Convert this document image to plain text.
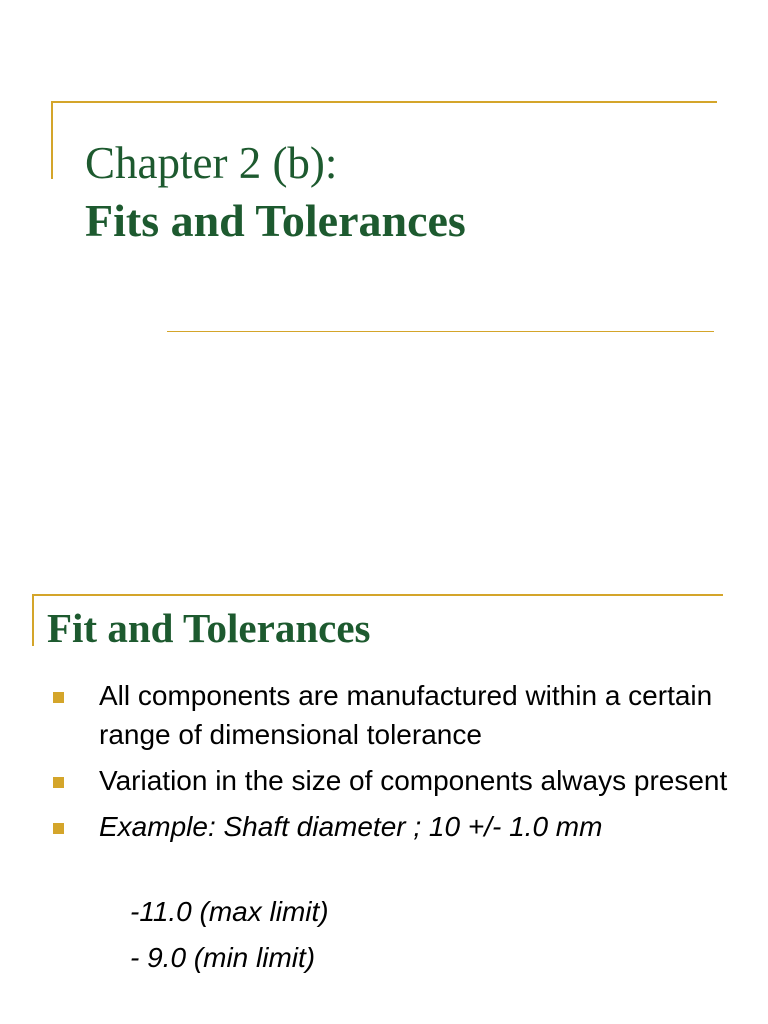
Chapter 2 (b):
Fits and Tolerances
Fit and Tolerances
All components are manufactured within a certain range of dimensional tolerance
Variation in the size of components always present
Example: Shaft diameter ; 10 +/- 1.0 mm
-11.0 (max limit)
- 9.0 (min limit)
